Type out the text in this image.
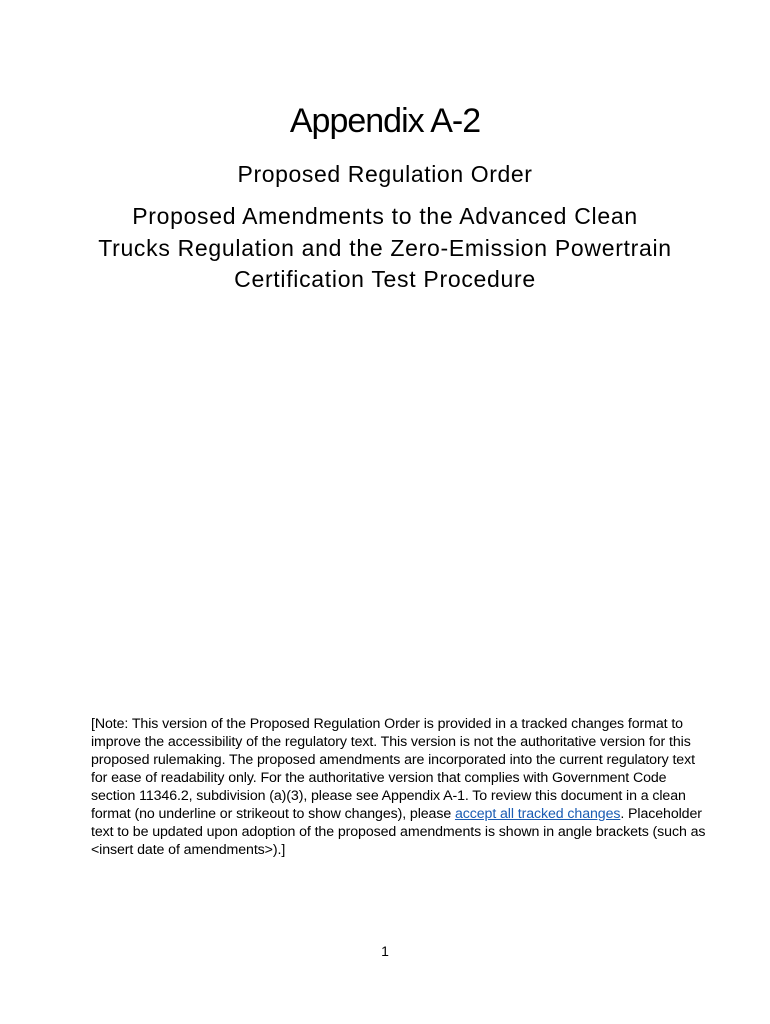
Appendix A-2
Proposed Regulation Order
Proposed Amendments to the Advanced Clean Trucks Regulation and the Zero-Emission Powertrain Certification Test Procedure
[Note: This version of the Proposed Regulation Order is provided in a tracked changes format to improve the accessibility of the regulatory text. This version is not the authoritative version for this proposed rulemaking. The proposed amendments are incorporated into the current regulatory text for ease of readability only. For the authoritative version that complies with Government Code section 11346.2, subdivision (a)(3), please see Appendix A-1. To review this document in a clean format (no underline or strikeout to show changes), please accept all tracked changes. Placeholder text to be updated upon adoption of the proposed amendments is shown in angle brackets (such as <insert date of amendments>).]
1
